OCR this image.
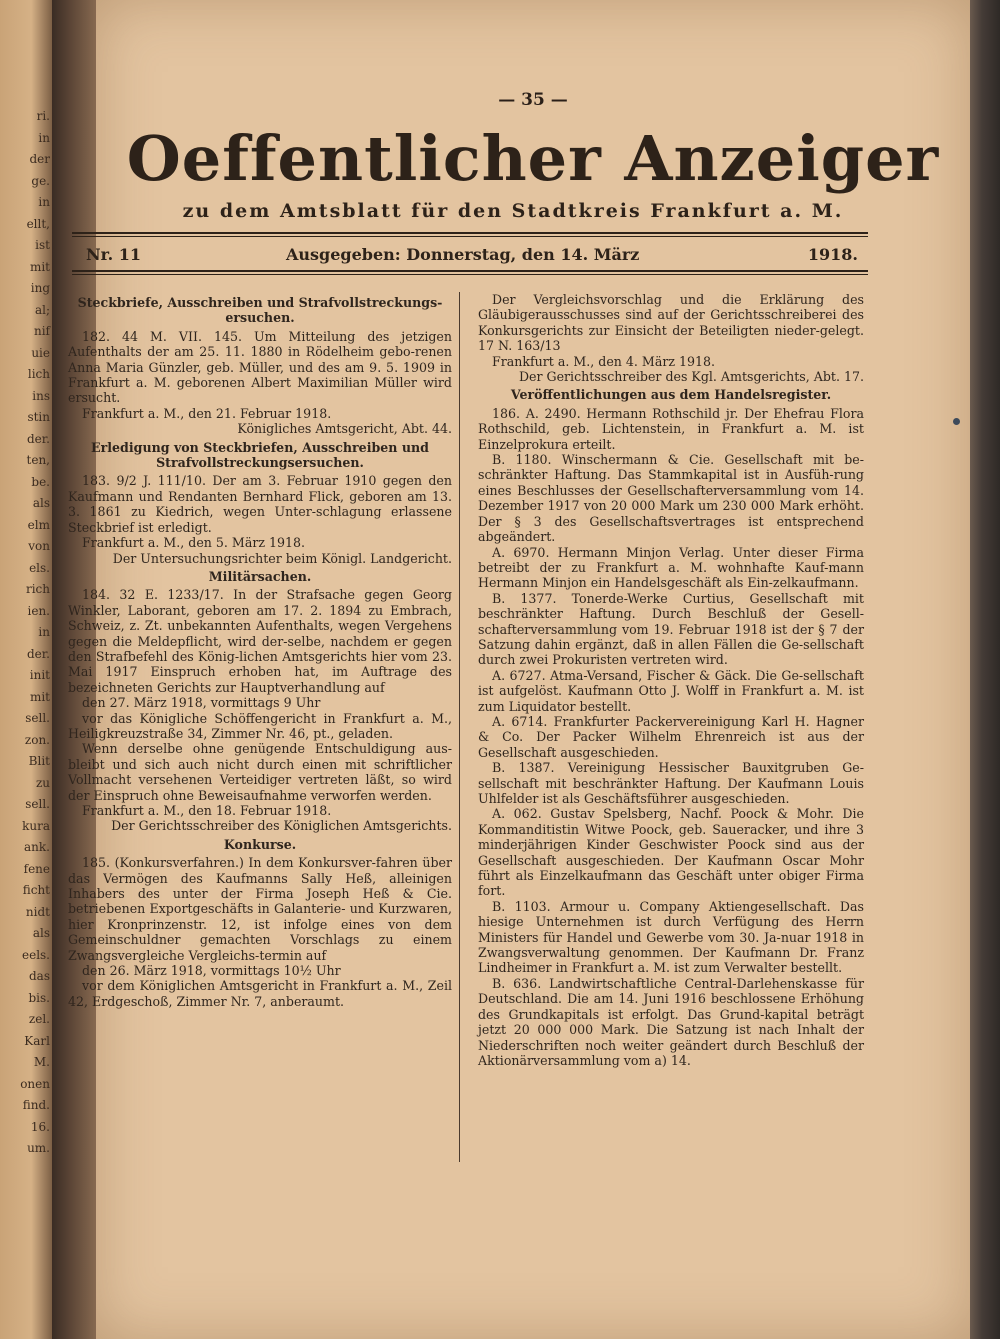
ri.
in
der
ge.
in
ellt,
ist
mit
ing
al;
nif
uie
lich
ins
stin
der.
ten,
be.
als
elm
von
els.
rich
ien.
in
der.
init
mit
sell.
zon.
Blit
zu
sell.
kura
ank.
fene
ficht
nidt
als
eels.
das
bis.
zel.
Karl
M.
onen
find.
16.
um.
— 35 —
Oeffentlicher Anzeiger
zu dem Amtsblatt für den Stadtkreis Frankfurt a. M.
Nr. 11	Ausgegeben: Donnerstag, den 14. März	1918.

Steckbriefe, Ausschreiben und Strafvollstreckungs-ersuchen.

182. 44 M. VII. 145. Um Mitteilung des jetzigen Aufenthalts der am 25. 11. 1880 in Rödelheim gebo-renen Anna Maria Günzler, geb. Müller, und des am 9. 5. 1909 in Frankfurt a. M. geborenen Albert Maximilian Müller wird ersucht.

Frankfurt a. M., den 21. Februar 1918.

Königliches Amtsgericht, Abt. 44.

Erledigung von Steckbriefen, Ausschreiben und Strafvollstreckungsersuchen.

183. 9/2 J. 111/10. Der am 3. Februar 1910 gegen den Kaufmann und Rendanten Bernhard Flick, geboren am 13. 3. 1861 zu Kiedrich, wegen Unter-schlagung erlassene Steckbrief ist erledigt.

Frankfurt a. M., den 5. März 1918.

Der Untersuchungsrichter beim Königl. Landgericht.

Militärsachen.

184. 32 E. 1233/17. In der Strafsache gegen Georg Winkler, Laborant, geboren am 17. 2. 1894 zu Embrach, Schweiz, z. Zt. unbekannten Aufenthalts, wegen Vergehens gegen die Meldepflicht, wird der-selbe, nachdem er gegen den Strafbefehl des König-lichen Amtsgerichts hier vom 23. Mai 1917 Einspruch erhoben hat, im Auftrage des bezeichneten Gerichts zur Hauptverhandlung auf

den 27. März 1918, vormittags 9 Uhr

vor das Königliche Schöffengericht in Frankfurt a. M., Heiligkreuzstraße 34, Zimmer Nr. 46, pt., geladen.

Wenn derselbe ohne genügende Entschuldigung aus-bleibt und sich auch nicht durch einen mit schriftlicher Vollmacht versehenen Verteidiger vertreten läßt, so wird der Einspruch ohne Beweisaufnahme verworfen werden.

Frankfurt a. M., den 18. Februar 1918.

Der Gerichtsschreiber des Königlichen Amtsgerichts.

Konkurse.

185. (Konkursverfahren.) In dem Konkursver-fahren über das Vermögen des Kaufmanns Sally Heß, alleinigen Inhabers des unter der Firma Joseph Heß & Cie. betriebenen Exportgeschäfts in Galanterie- und Kurzwaren, hier Kronprinzenstr. 12, ist infolge eines von dem Gemeinschuldner gemachten Vorschlags zu einem Zwangsvergleiche Vergleichs-termin auf

den 26. März 1918, vormittags 10½ Uhr

vor dem Königlichen Amtsgericht in Frankfurt a. M., Zeil 42, Erdgeschoß, Zimmer Nr. 7, anberaumt.

Der Vergleichsvorschlag und die Erklärung des Gläubigerausschusses sind auf der Gerichtsschreiberei des Konkursgerichts zur Einsicht der Beteiligten nieder-gelegt. 17 N. 163/13

Frankfurt a. M., den 4. März 1918.

Der Gerichtsschreiber des Kgl. Amtsgerichts, Abt. 17.

Veröffentlichungen aus dem Handelsregister.

186. A. 2490. Hermann Rothschild jr. Der Ehefrau Flora Rothschild, geb. Lichtenstein, in Frankfurt a. M. ist Einzelprokura erteilt.

B. 1180. Winschermann & Cie. Gesellschaft mit be-schränkter Haftung. Das Stammkapital ist in Ausfüh-rung eines Beschlusses der Gesellschafterversammlung vom 14. Dezember 1917 von 20 000 Mark um 230 000 Mark erhöht. Der § 3 des Gesellschaftsvertrages ist entsprechend abgeändert.

A. 6970. Hermann Minjon Verlag. Unter dieser Firma betreibt der zu Frankfurt a. M. wohnhafte Kauf-mann Hermann Minjon ein Handelsgeschäft als Ein-zelkaufmann.

B. 1377. Tonerde-Werke Curtius, Gesellschaft mit beschränkter Haftung. Durch Beschluß der Gesell-schafterversammlung vom 19. Februar 1918 ist der § 7 der Satzung dahin ergänzt, daß in allen Fällen die Ge-sellschaft durch zwei Prokuristen vertreten wird.

A. 6727. Atma-Versand, Fischer & Gäck. Die Ge-sellschaft ist aufgelöst. Kaufmann Otto J. Wolff in Frankfurt a. M. ist zum Liquidator bestellt.

A. 6714. Frankfurter Packervereinigung Karl H. Hagner & Co. Der Packer Wilhelm Ehrenreich ist aus der Gesellschaft ausgeschieden.

B. 1387. Vereinigung Hessischer Bauxitgruben Ge-sellschaft mit beschränkter Haftung. Der Kaufmann Louis Uhlfelder ist als Geschäftsführer ausgeschieden.

A. 062. Gustav Spelsberg, Nachf. Poock & Mohr. Die Kommanditistin Witwe Poock, geb. Saueracker, und ihre 3 minderjährigen Kinder Geschwister Poock sind aus der Gesellschaft ausgeschieden. Der Kaufmann Oscar Mohr führt als Einzelkaufmann das Geschäft unter obiger Firma fort.

B. 1103. Armour u. Company Aktiengesellschaft. Das hiesige Unternehmen ist durch Verfügung des Herrn Ministers für Handel und Gewerbe vom 30. Ja-nuar 1918 in Zwangsverwaltung genommen. Der Kaufmann Dr. Franz Lindheimer in Frankfurt a. M. ist zum Verwalter bestellt.

B. 636. Landwirtschaftliche Central-Darlehenskasse für Deutschland. Die am 14. Juni 1916 beschlossene Erhöhung des Grundkapitals ist erfolgt. Das Grund-kapital beträgt jetzt 20 000 000 Mark. Die Satzung ist nach Inhalt der Niederschriften noch weiter geändert durch Beschluß der Aktionärversammlung vom a) 14.
